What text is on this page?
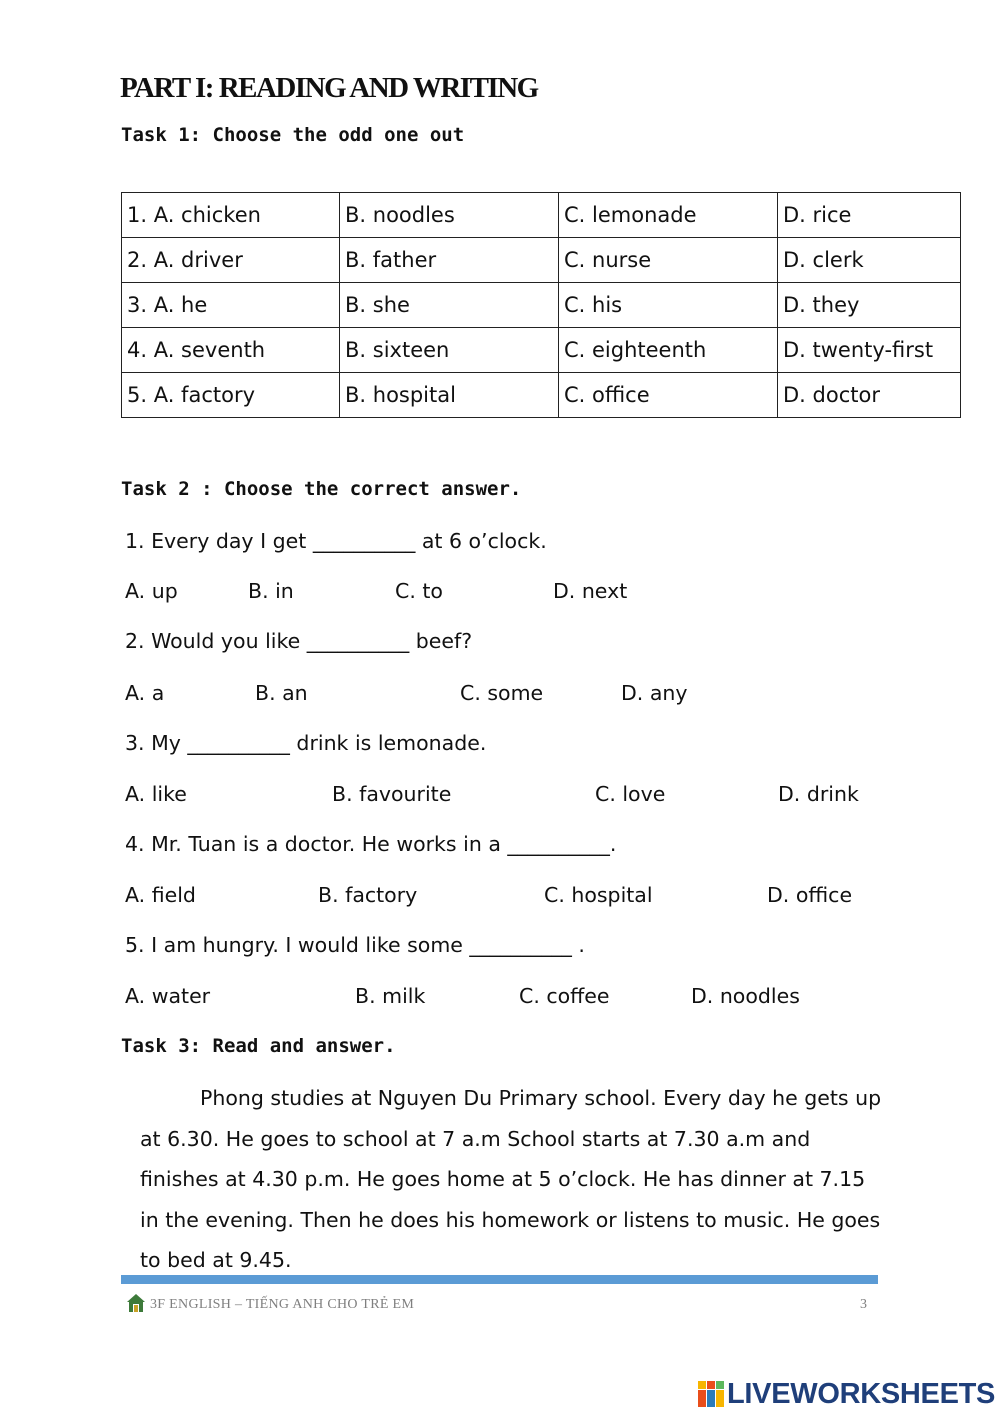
PART I: READING AND WRITING
Task 1: Choose the odd one out
1. A. chicken	B. noodles	C. lemonade	D. rice
2. A. driver	B. father	C. nurse	D. clerk
3. A. he	B. she	C. his	D. they
4. A. seventh	B. sixteen	C. eighteenth	D. twenty-first
5. A. factory	B. hospital	C. office	D. doctor
Task 2 : Choose the correct answer.
1. Every day I get __________ at 6 o’clock.
A. up	B. in	C. to	D. next
2. Would you like __________ beef?
A. a	B. an	C. some	D. any
3. My __________ drink is lemonade.
A. like	B. favourite	C. love	D. drink
4. Mr. Tuan is a doctor. He works in a __________.
A. field	B. factory	C. hospital	D. office
5. I am hungry. I would like some __________ .
A. water	B. milk	C. coffee	D. noodles
Task 3: Read and answer.
Phong studies at Nguyen Du Primary school. Every day he gets up at 6.30. He goes to school at 7 a.m School starts at 7.30 a.m and finishes at 4.30 p.m. He goes home at 5 o’clock. He has dinner at 7.15 in the evening. Then he does his homework or listens to music. He goes to bed at 9.45.
3F ENGLISH – TIẾNG ANH CHO TRẺ EM	3
LIVEWORKSHEETS
